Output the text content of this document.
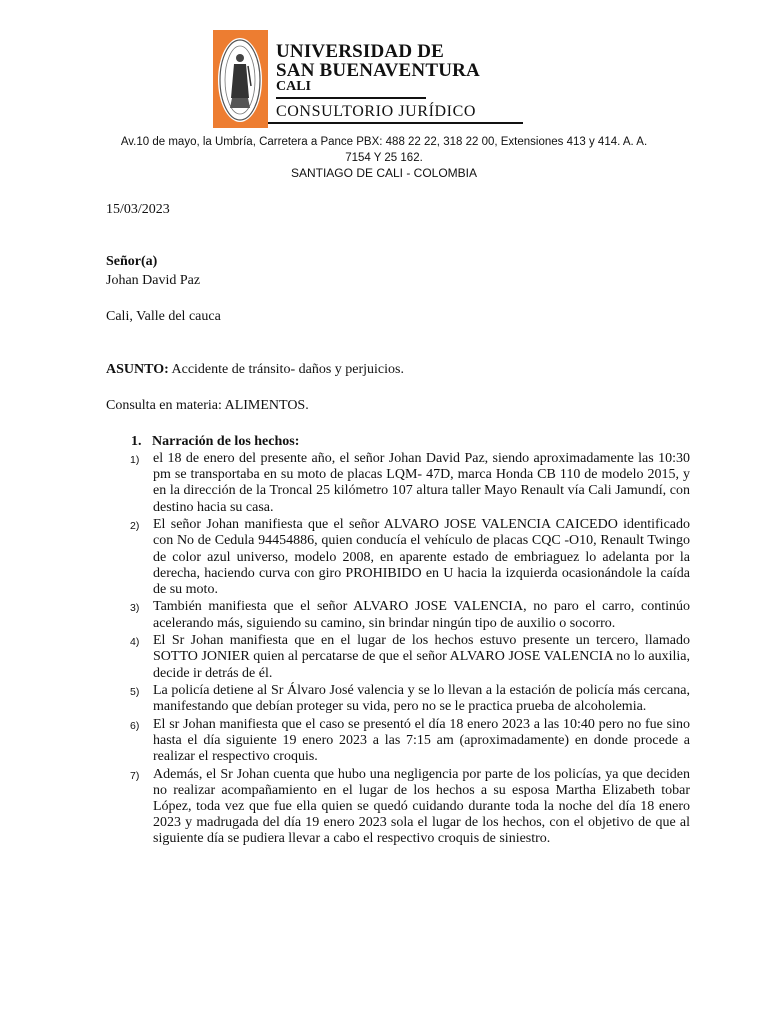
UNIVERSIDAD DE
SAN BUENAVENTURA
CALI
CONSULTORIO JURÍDICO
Av.10 de mayo, la Umbría, Carretera a Pance PBX: 488 22 22, 318 22 00, Extensiones 413 y 414. A. A. 7154 Y 25 162.
SANTIAGO DE CALI - COLOMBIA
15/03/2023
Señor(a)
Johan David Paz
Cali, Valle del cauca
ASUNTO: Accidente de tránsito- daños y perjuicios.
Consulta en materia: ALIMENTOS.
1. Narración de los hechos:
1) el 18 de enero del presente año, el señor Johan David Paz, siendo aproximadamente las 10:30 pm se transportaba en su moto de placas LQM- 47D, marca Honda CB 110 de modelo 2015, y en la dirección de la Troncal 25 kilómetro 107 altura taller Mayo Renault vía Cali Jamundí, con destino hacia su casa.
2) El señor Johan manifiesta que el señor ALVARO JOSE VALENCIA CAICEDO identificado con No de Cedula 94454886, quien conducía el vehículo de placas CQC -O10, Renault Twingo de color azul universo, modelo 2008, en aparente estado de embriaguez lo adelanta por la derecha, haciendo curva con giro PROHIBIDO en U hacia la izquierda ocasionándole la caída de su moto.
3) También manifiesta que el señor ALVARO JOSE VALENCIA, no paro el carro, continúo acelerando más, siguiendo su camino, sin brindar ningún tipo de auxilio o socorro.
4) El Sr Johan manifiesta que en el lugar de los hechos estuvo presente un tercero, llamado SOTTO JONIER quien al percatarse de que el señor ALVARO JOSE VALENCIA no lo auxilia, decide ir detrás de él.
5) La policía detiene al Sr Álvaro José valencia y se lo llevan a la estación de policía más cercana, manifestando que debían proteger su vida, pero no se le practica prueba de alcoholemia.
6) El sr Johan manifiesta que el caso se presentó el día 18 enero 2023 a las 10:40 pero no fue sino hasta el día siguiente 19 enero 2023 a las 7:15 am (aproximadamente) en donde procede a realizar el respectivo croquis.
7) Además, el Sr Johan cuenta que hubo una negligencia por parte de los policías, ya que deciden no realizar acompañamiento en el lugar de los hechos a su esposa Martha Elizabeth tobar López, toda vez que fue ella quien se quedó cuidando durante toda la noche del día 18 enero 2023 y madrugada del día 19 enero 2023 sola el lugar de los hechos, con el objetivo de que al siguiente día se pudiera llevar a cabo el respectivo croquis de siniestro.
